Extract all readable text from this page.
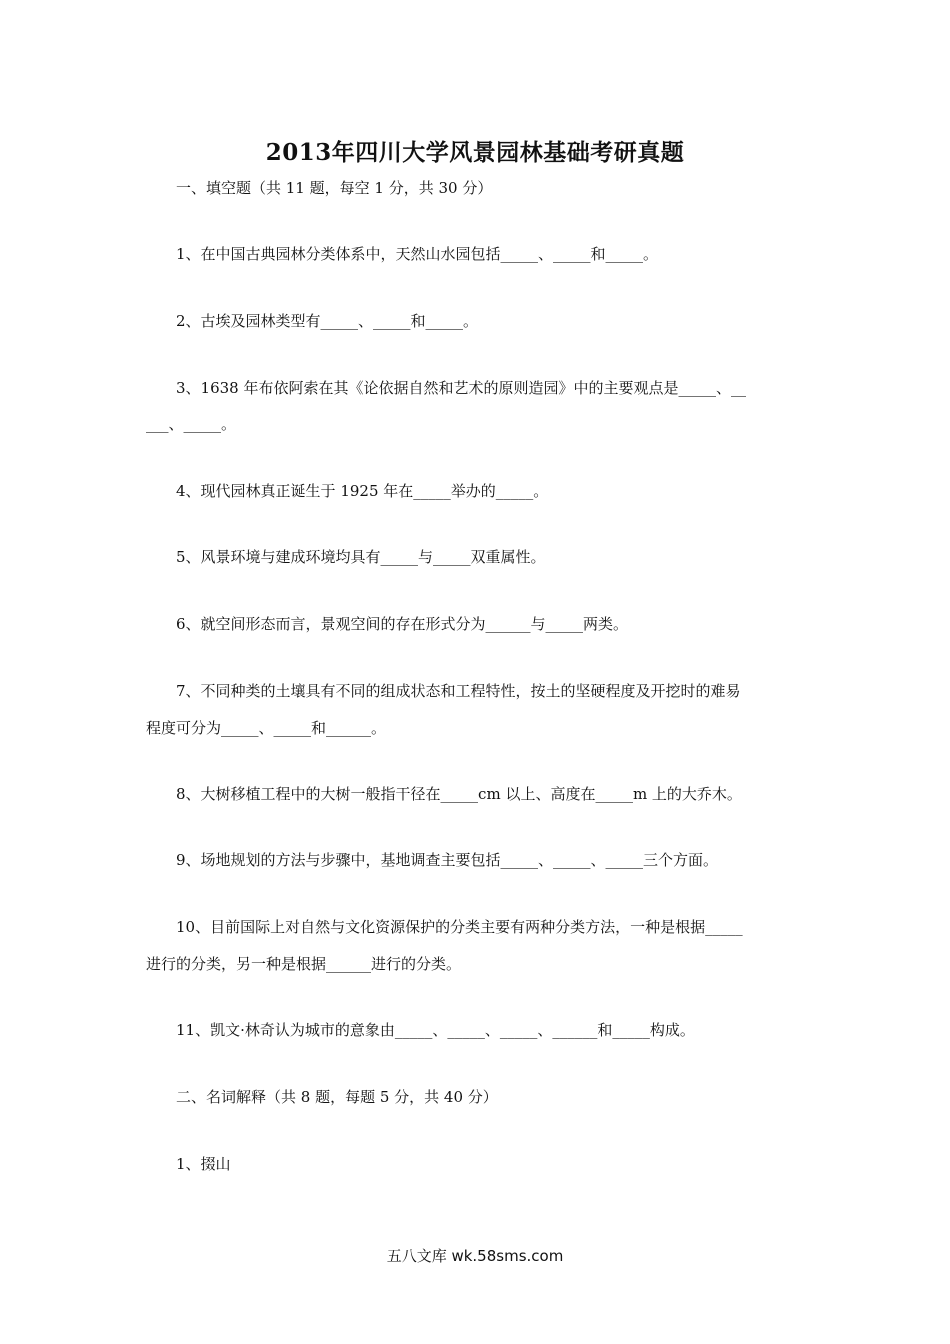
2013年四川大学风景园林基础考研真题
一、填空题（共 11 题，每空 1 分，共 30 分）
1、在中国古典园林分类体系中，天然山水园包括_____、_____和_____。
2、古埃及园林类型有_____、_____和_____。
3、1638 年布依阿索在其《论依据自然和艺术的原则造园》中的主要观点是_____、__
___、_____。
4、现代园林真正诞生于 1925 年在_____举办的_____。
5、风景环境与建成环境均具有_____与_____双重属性。
6、就空间形态而言，景观空间的存在形式分为______与_____两类。
7、不同种类的土壤具有不同的组成状态和工程特性，按土的坚硬程度及开挖时的难易
程度可分为_____、_____和______。
8、大树移植工程中的大树一般指干径在_____cm 以上、高度在_____m 上的大乔木。
9、场地规划的方法与步骤中，基地调查主要包括_____、_____、_____三个方面。
10、目前国际上对自然与文化资源保护的分类主要有两种分类方法，一种是根据_____
进行的分类，另一种是根据______进行的分类。
11、凯文·林奇认为城市的意象由_____、_____、_____、______和_____构成。
二、名词解释（共 8 题，每题 5 分，共 40 分）
1、掇山
五八文库 wk.58sms.com
